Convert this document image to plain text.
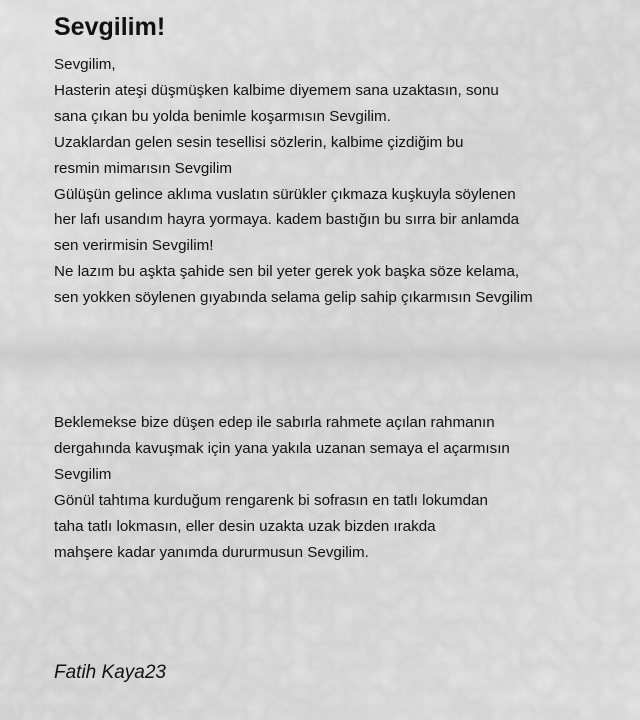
Sevgilim!

Sevgilim,
Hasterin ateşi düşmüşken kalbime diyemem sana uzaktasın, sonu
sana çıkan bu yolda benimle koşarmısın Sevgilim.
Uzaklardan gelen sesin tesellisi sözlerin, kalbime çizdiğim bu
resmin mimarısın Sevgilim
Gülüşün gelince aklıma vuslatın sürükler çıkmaza kuşkuyla söylenen
her lafı usandım hayra yormaya. kadem bastığın bu sırra bir anlamda
sen verirmisin Sevgilim!
Ne lazım bu aşkta şahide sen bil yeter gerek yok başka söze kelama,
sen yokken söylenen gıyabında selama gelip sahip çıkarmısın Sevgilim

Beklemekse bize düşen edep ile sabırla rahmete açılan rahmanın
dergahında kavuşmak için yana yakıla uzanan semaya el açarmısın
Sevgilim
Gönül tahtıma kurduğum rengarenk bi sofrasın en tatlı lokumdan
taha tatlı lokmasın, eller desin uzakta uzak bizden ırakda
mahşere kadar yanımda dururmusun Sevgilim.

Fatih Kaya23
